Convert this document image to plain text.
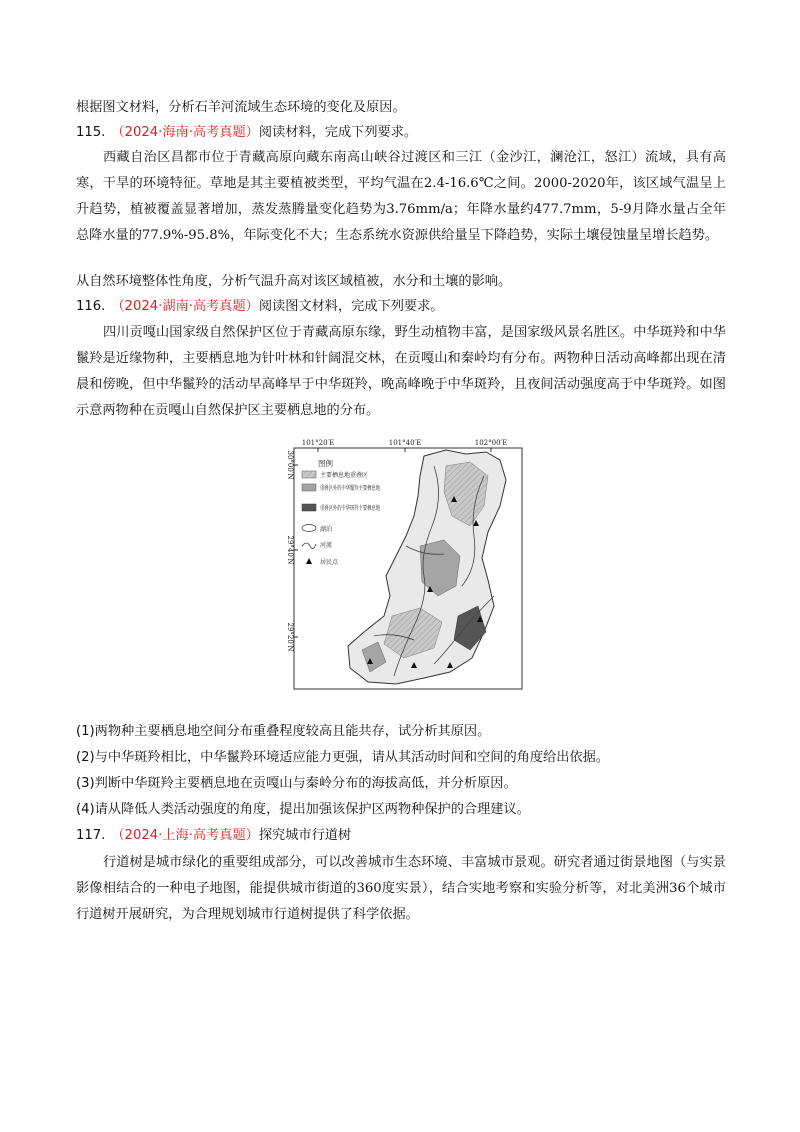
根据图文材料，分析石羊河流域生态环境的变化及原因。
115. （2024·海南·高考真题）阅读材料，完成下列要求。

西藏自治区昌都市位于青藏高原向藏东南高山峡谷过渡区和三江（金沙江，澜沧江，怒江）流域，具有高寒，干旱的环境特征。草地是其主要植被类型，平均气温在2.4-16.6℃之间。2000-2020年，该区域气温呈上升趋势，植被覆盖显著增加，蒸发蒸腾量变化趋势为3.76mm/a；年降水量约477.7mm，5-9月降水量占全年总降水量的77.9%-95.8%，年际变化不大；生态系统水资源供给量呈下降趋势，实际土壤侵蚀量呈增长趋势。

从自然环境整体性角度，分析气温升高对该区域植被，水分和土壤的影响。
116. （2024·湖南·高考真题）阅读图文材料，完成下列要求。

四川贡嘎山国家级自然保护区位于青藏高原东缘，野生动植物丰富，是国家级风景名胜区。中华斑羚和中华鬣羚是近缘物种，主要栖息地为针叶林和针阔混交林，在贡嘎山和秦岭均有分布。两物种日活动高峰都出现在清晨和傍晚，但中华鬣羚的活动早高峰早于中华斑羚，晚高峰晚于中华斑羚，且夜间活动强度高于中华斑羚。如图示意两物种在贡嘎山自然保护区主要栖息地的分布。

101°20′E	101°40′E	102°00′E
30°00′N
29°40′N
29°20′N
图例
主要栖息地重叠区
重叠区外的中华鬣羚主要栖息地
重叠区外的中华斑羚主要栖息地
湖泊
河流
居民点
(1)两物种主要栖息地空间分布重叠程度较高且能共存，试分析其原因。
(2)与中华斑羚相比，中华鬣羚环境适应能力更强，请从其活动时间和空间的角度给出依据。
(3)判断中华斑羚主要栖息地在贡嘎山与秦岭分布的海拔高低，并分析原因。
(4)请从降低人类活动强度的角度，提出加强该保护区两物种保护的合理建议。
117. （2024·上海·高考真题）探究城市行道树

行道树是城市绿化的重要组成部分，可以改善城市生态环境、丰富城市景观。研究者通过街景地图（与实景影像相结合的一种电子地图，能提供城市街道的360度实景），结合实地考察和实验分析等，对北美洲36个城市行道树开展研究，为合理规划城市行道树提供了科学依据。
